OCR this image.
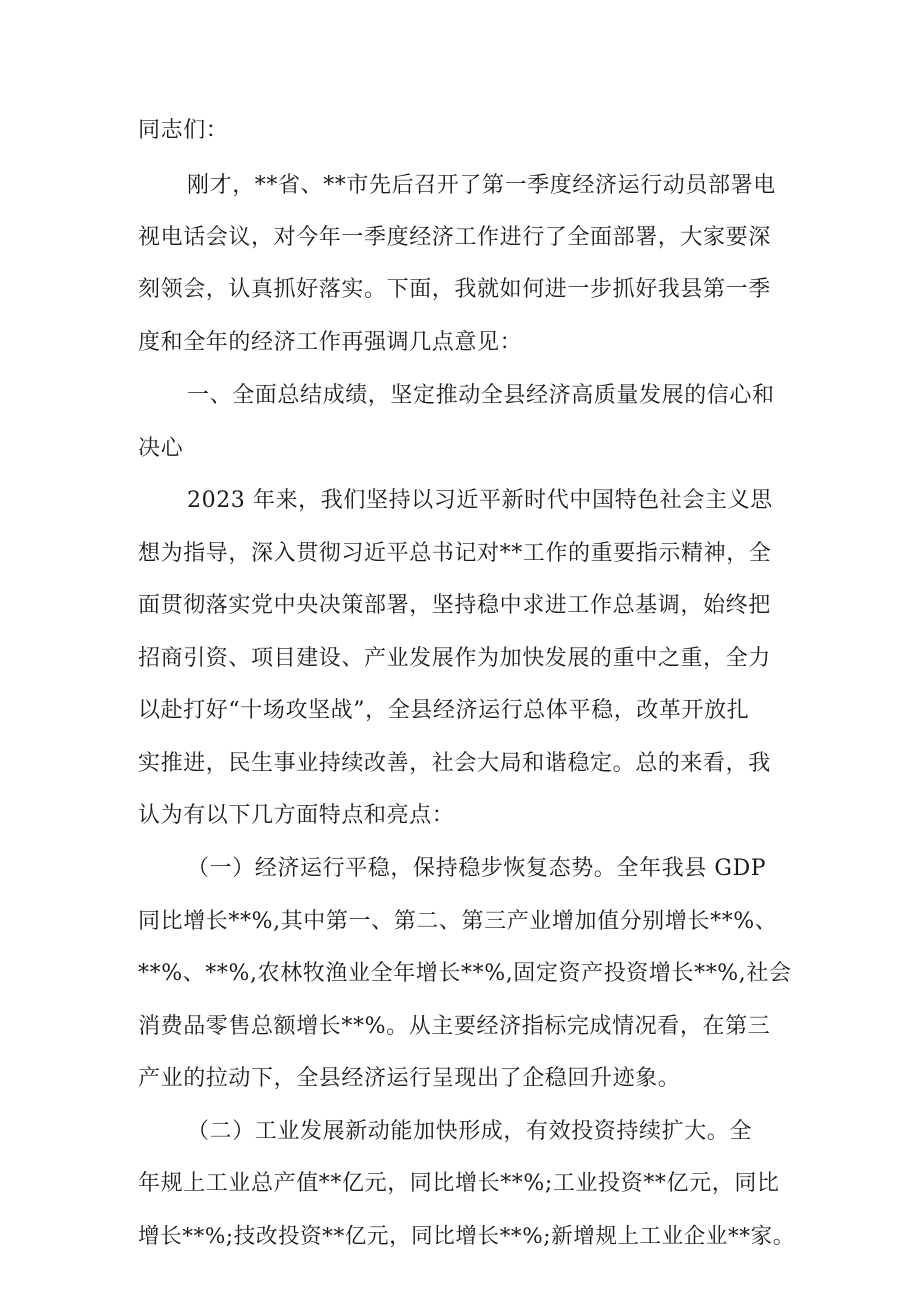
同志们：

刚才，**省、**市先后召开了第一季度经济运行动员部署电

视电话会议，对今年一季度经济工作进行了全面部署，大家要深

刻领会，认真抓好落实。下面，我就如何进一步抓好我县第一季

度和全年的经济工作再强调几点意见：

一、全面总结成绩，坚定推动全县经济高质量发展的信心和

决心

2023 年来，我们坚持以习近平新时代中国特色社会主义思

想为指导，深入贯彻习近平总书记对**工作的重要指示精神，全

面贯彻落实党中央决策部署，坚持稳中求进工作总基调，始终把

招商引资、项目建设、产业发展作为加快发展的重中之重，全力

以赴打好“十场攻坚战”，全县经济运行总体平稳，改革开放扎

实推进，民生事业持续改善，社会大局和谐稳定。总的来看，我

认为有以下几方面特点和亮点：

（一）经济运行平稳，保持稳步恢复态势。全年我县 GDP

同比增长**%,其中第一、第二、第三产业增加值分别增长**%、

**%、**%,农林牧渔业全年增长**%,固定资产投资增长**%,社会

消费品零售总额增长**%。从主要经济指标完成情况看，在第三

产业的拉动下，全县经济运行呈现出了企稳回升迹象。

（二）工业发展新动能加快形成，有效投资持续扩大。全

年规上工业总产值**亿元，同比增长**%;工业投资**亿元，同比

增长**%;技改投资**亿元，同比增长**%;新增规上工业企业**家。
